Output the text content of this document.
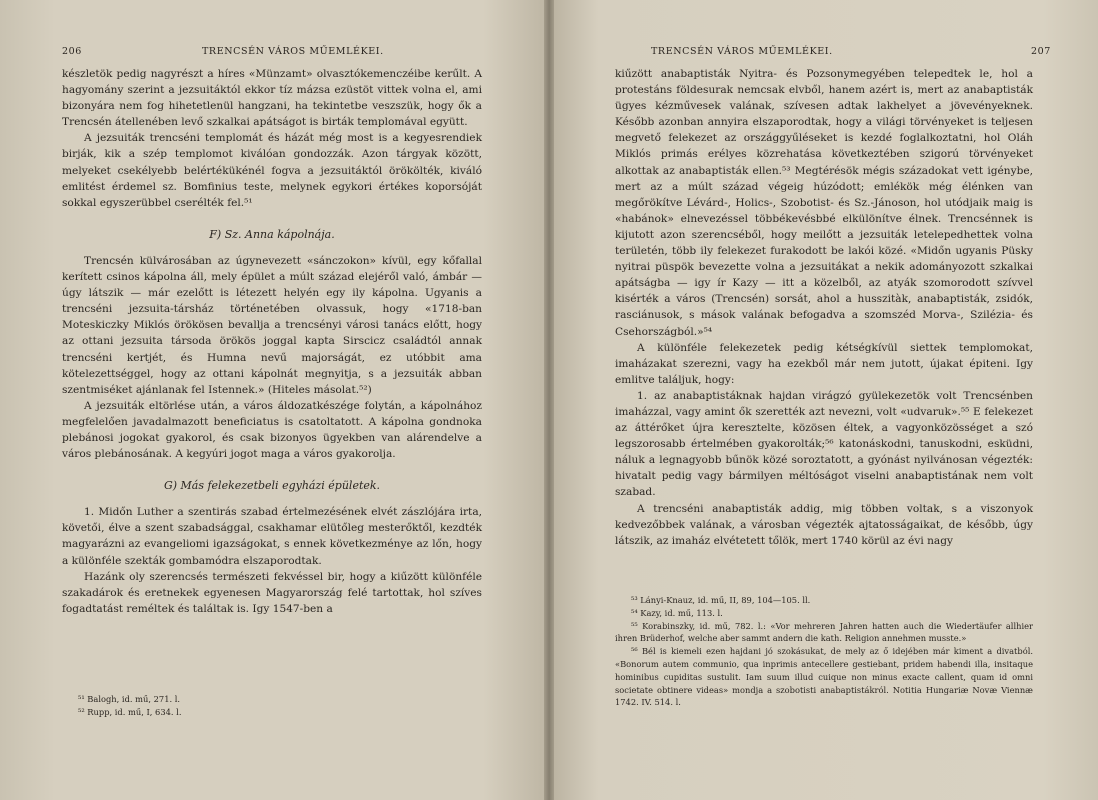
206	TRENCSÉN VÁROS MŰEMLÉKEI.

készletök pedig nagyrészt a híres «Münzamt» olvasztókemenczéibe kerűlt. A hagyomány szerint a jezsuitáktól ekkor tíz mázsa ezüstöt vittek volna el, ami bizonyára nem fog hihetetlenül hangzani, ha tekintetbe veszszük, hogy ők a Trencsén átellenében levő szkalkai apátságot is birták templomával együtt.

A jezsuiták trencséni templomát és házát még most is a kegyesrendiek birják, kik a szép templomot kiválóan gondozzák. Azon tárgyak között, melyeket csekélyebb belértékükénél fogva a jezsuitáktól örökölték, kiváló emlitést érdemel sz. Bomfinius teste, melynek egykori értékes koporsóját sokkal egyszerübbel cserélték fel.⁵¹

F) Sz. Anna kápolnája.

Trencsén külvárosában az úgynevezett «sánczokon» kívül, egy kőfallal kerített csinos kápolna áll, mely épület a múlt század elejéről való, ámbár — úgy látszik — már ezelőtt is létezett helyén egy ily kápolna. Ugyanis a trencséni jezsuita-társház történetében olvassuk, hogy «1718-ban Moteskiczky Miklós örökösen bevallja a trencsényi városi tanács előtt, hogy az ottani jezsuita társoda örökös joggal kapta Sirscicz családtól annak trencséni kertjét, és Humna nevű majorságát, ez utóbbit ama kötelezettséggel, hogy az ottani kápolnát megnyitja, s a jezsuiták abban szentmiséket ajánlanak fel Istennek.» (Hiteles másolat.⁵²)

A jezsuiták eltörlése után, a város áldozatkészége folytán, a kápolnához megfelelően javadalmazott beneficiatus is csatoltatott. A kápolna gondnoka plebánosi jogokat gyakorol, és csak bizonyos ügyekben van alárendelve a város plebánosának. A kegyúri jogot maga a város gyakorolja.

G) Más felekezetbeli egyházi épületek.

1. Midőn Luther a szentirás szabad értelmezésének elvét zászlójára irta, követői, élve a szent szabadsággal, csakhamar elütőleg mesterőktől, kezdték magyarázni az evangeliomi igazságokat, s ennek következménye az lőn, hogy a különféle szekták gombamódra elszaporodtak.

Hazánk oly szerencsés természeti fekvéssel bir, hogy a kiűzött különféle szakadárok és eretnekek egyenesen Magyarország felé tartottak, hol szíves fogadtatást reméltek és találtak is. Igy 1547-ben a

⁵¹ Balogh, id. mű, 271. l.
⁵² Rupp, id. mű, I, 634. l.
TRENCSÉN VÁROS MŰEMLÉKEI.	207

kiűzött anabaptisták Nyitra- és Pozsonymegyében telepedtek le, hol a protestáns földesurak nemcsak elvből, hanem azért is, mert az anabaptisták ügyes kézművesek valának, szívesen adtak lakhelyet a jövevényeknek. Később azonban annyira elszaporodtak, hogy a világi törvényeket is teljesen megvető felekezet az országgyűléseket is kezdé foglalkoztatni, hol Oláh Miklós primás erélyes közrehatása következtében szigorú törvényeket alkottak az anabaptisták ellen.⁵³ Megtérésök mégis századokat vett igénybe, mert az a múlt század végeig húzódott; emlékök még élénken van megőrökítve Lévárd-, Holics-, Szobotist- és Sz.-Jánoson, hol utódjaik maig is «habánok» elnevezéssel többékevésbbé elkülönítve élnek. Trencsénnek is kijutott azon szerencséből, hogy meilőtt a jezsuiták letelepedhettek volna területén, több ily felekezet furakodott be lakói közé. «Midőn ugyanis Püsky nyitrai püspök bevezette volna a jezsuitákat a nekik adományozott szkalkai apátságba — igy ír Kazy — itt a közelből, az atyák szomorodott szívvel kisérték a város (Trencsén) sorsát, ahol a husszitàk, anabaptisták, zsidók, rasciánusok, s mások valának befogadva a szomszéd Morva-, Szilézia- és Csehországból.»⁵⁴

A különféle felekezetek pedig kétségkívül siettek templomokat, imaházakat szerezni, vagy ha ezekből már nem jutott, újakat épiteni. Igy emlitve találjuk, hogy:

1. az anabaptistáknak hajdan virágzó gyülekezetök volt Trencsénben imaházzal, vagy amint ők szerették azt nevezni, volt «udvaruk».⁵⁵ E felekezet az áttérőket újra keresztelte, közösen éltek, a vagyonközösséget a szó legszorosabb értelmében gyakorolták;⁵⁶ katonáskodni, tanuskodni, esküdni, náluk a legnagyobb bűnök közé soroztatott, a gyónást nyilvánosan végezték: hivatalt pedig vagy bármilyen méltóságot viselni anabaptistának nem volt szabad.

A trencséni anabaptisták addig, mig többen voltak, s a viszonyok kedvezőbbek valának, a városban végezték ajtatosságaikat, de később, úgy látszik, az imaház elvétetett tőlök, mert 1740 körül az évi nagy

⁵³ Lányi-Knauz, id. mű, II, 89, 104—105. ll.
⁵⁴ Kazy, id. mű, 113. l.
⁵⁵ Korabinszky, id. mű, 782. l.: «Vor mehreren Jahren hatten auch die Wiedertäufer allhier ihren Brüderhof, welche aber sammt andern die kath. Religion annehmen musste.»
⁵⁶ Bél is kiemeli ezen hajdani jó szokásukat, de mely az ő idejében már kiment a divatból. «Bonorum autem communio, qua inprimis antecellere gestiebant, pridem habendi illa, insitaque hominibus cupiditas sustulit. Iam suum illud cuique non minus exacte callent, quam id omni societate obtinere videas» mondja a szobotisti anabaptistákról. Notitia Hungariæ Novæ Viennæ 1742. IV. 514. l.
